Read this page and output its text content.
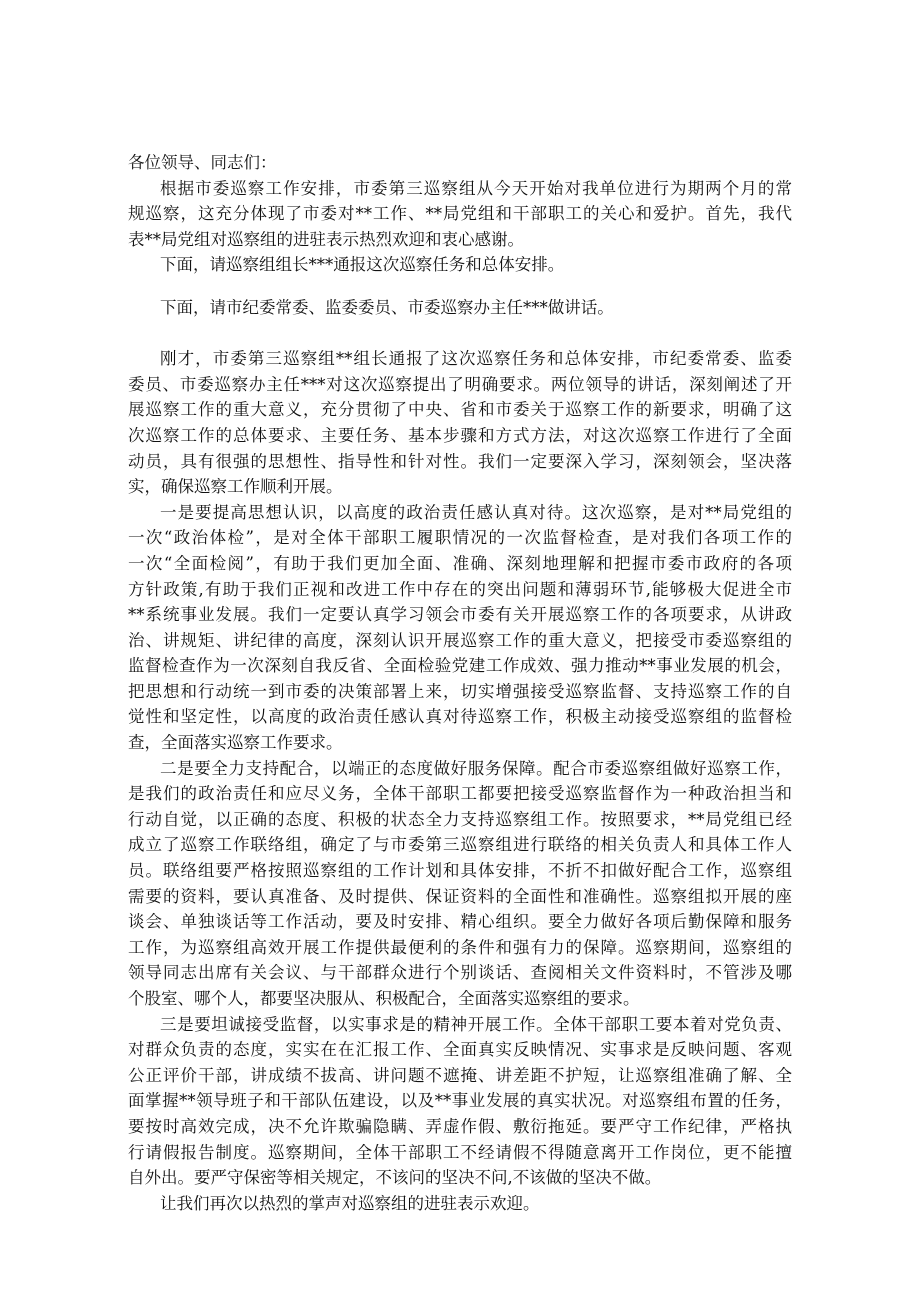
各位领导、同志们：

根据市委巡察工作安排，市委第三巡察组从今天开始对我单位进行为期两个月的常

规巡察，这充分体现了市委对**工作、**局党组和干部职工的关心和爱护。首先，我代

表**局党组对巡察组的进驻表示热烈欢迎和衷心感谢。

下面，请巡察组组长***通报这次巡察任务和总体安排。

下面，请市纪委常委、监委委员、市委巡察办主任***做讲话。

刚才，市委第三巡察组**组长通报了这次巡察任务和总体安排，市纪委常委、监委

委员、市委巡察办主任***对这次巡察提出了明确要求。两位领导的讲话，深刻阐述了开

展巡察工作的重大意义，充分贯彻了中央、省和市委关于巡察工作的新要求，明确了这

次巡察工作的总体要求、主要任务、基本步骤和方式方法，对这次巡察工作进行了全面

动员，具有很强的思想性、指导性和针对性。我们一定要深入学习，深刻领会，坚决落

实，确保巡察工作顺利开展。

一是要提高思想认识，以高度的政治责任感认真对待。这次巡察，是对**局党组的

一次“政治体检”，是对全体干部职工履职情况的一次监督检查，是对我们各项工作的

一次“全面检阅”，有助于我们更加全面、准确、深刻地理解和把握市委市政府的各项

方针政策,有助于我们正视和改进工作中存在的突出问题和薄弱环节,能够极大促进全市

**系统事业发展。我们一定要认真学习领会市委有关开展巡察工作的各项要求，从讲政

治、讲规矩、讲纪律的高度，深刻认识开展巡察工作的重大意义，把接受市委巡察组的

监督检查作为一次深刻自我反省、全面检验党建工作成效、强力推动**事业发展的机会，

把思想和行动统一到市委的决策部署上来，切实增强接受巡察监督、支持巡察工作的自

觉性和坚定性，以高度的政治责任感认真对待巡察工作，积极主动接受巡察组的监督检

查，全面落实巡察工作要求。

二是要全力支持配合，以端正的态度做好服务保障。配合市委巡察组做好巡察工作，

是我们的政治责任和应尽义务，全体干部职工都要把接受巡察监督作为一种政治担当和

行动自觉，以正确的态度、积极的状态全力支持巡察组工作。按照要求，**局党组已经

成立了巡察工作联络组，确定了与市委第三巡察组进行联络的相关负责人和具体工作人

员。联络组要严格按照巡察组的工作计划和具体安排，不折不扣做好配合工作，巡察组

需要的资料，要认真准备、及时提供、保证资料的全面性和准确性。巡察组拟开展的座

谈会、单独谈话等工作活动，要及时安排、精心组织。要全力做好各项后勤保障和服务

工作，为巡察组高效开展工作提供最便利的条件和强有力的保障。巡察期间，巡察组的

领导同志出席有关会议、与干部群众进行个别谈话、查阅相关文件资料时，不管涉及哪

个股室、哪个人，都要坚决服从、积极配合，全面落实巡察组的要求。

三是要坦诚接受监督，以实事求是的精神开展工作。全体干部职工要本着对党负责、

对群众负责的态度，实实在在汇报工作、全面真实反映情况、实事求是反映问题、客观

公正评价干部，讲成绩不拔高、讲问题不遮掩、讲差距不护短，让巡察组准确了解、全

面掌握**领导班子和干部队伍建设，以及**事业发展的真实状况。对巡察组布置的任务，

要按时高效完成，决不允许欺骗隐瞒、弄虚作假、敷衍拖延。要严守工作纪律，严格执

行请假报告制度。巡察期间，全体干部职工不经请假不得随意离开工作岗位，更不能擅

自外出。要严守保密等相关规定，不该问的坚决不问,不该做的坚决不做。

让我们再次以热烈的掌声对巡察组的进驻表示欢迎。
